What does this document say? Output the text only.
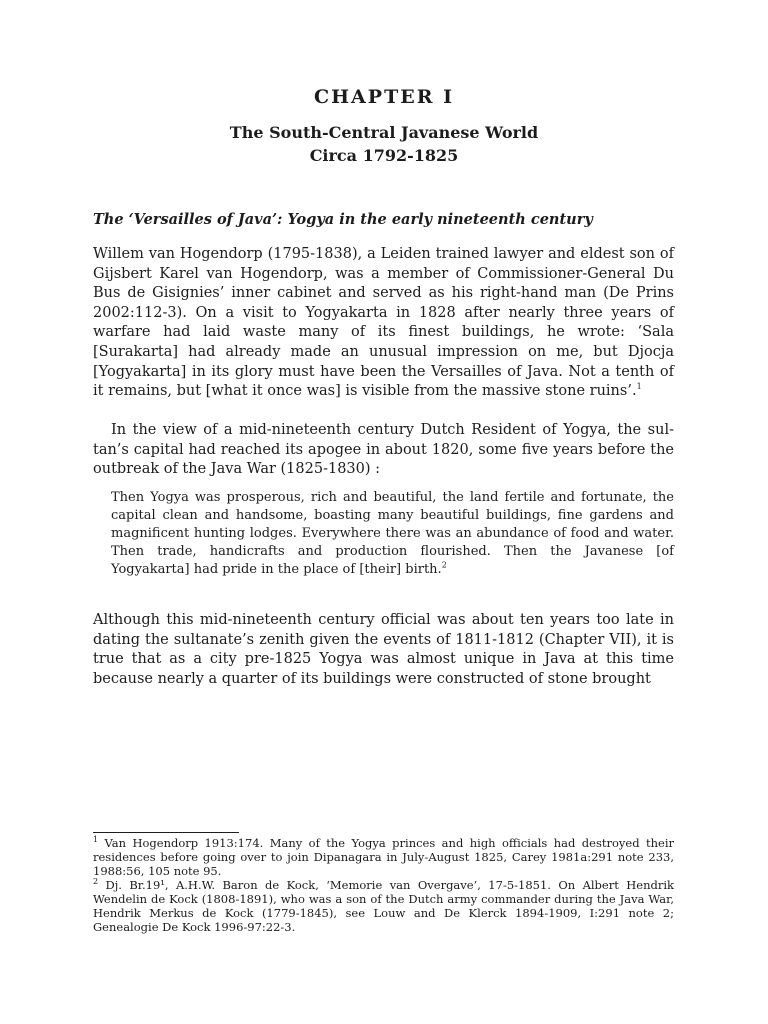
CHAPTER I
The South-Central Javanese World
Circa 1792-1825
The ‘Versailles of Java’: Yogya in the early nineteenth century
Willem van Hogendorp (1795-1838), a Leiden trained lawyer and eldest son of Gijsbert Karel van Hogendorp, was a member of Commissioner-General Du Bus de Gisignies’ inner cabinet and served as his right-hand man (De Prins 2002:112-3). On a visit to Yogyakarta in 1828 after nearly three years of warfare had laid waste many of its finest buildings, he wrote: ‘Sala [Surakarta] had already made an unusual impression on me, but Djocja [Yogyakarta] in its glory must have been the Versailles of Java. Not a tenth of it remains, but [what it once was] is visible from the massive stone ruins’.$^1$
In the view of a mid-nineteenth century Dutch Resident of Yogya, the sul- tan’s capital had reached its apogee in about 1820, some five years before the outbreak of the Java War (1825-1830) :
Then Yogya was prosperous, rich and beautiful, the land fertile and fortunate, the capital clean and handsome, boasting many beautiful buildings, fine gardens and magnificent hunting lodges. Everywhere there was an abundance of food and water. Then trade, handicrafts and production flourished. Then the Javanese [of Yogyakarta] had pride in the place of [their] birth.$^2$
Although this mid-nineteenth century official was about ten years too late in dating the sultanate’s zenith given the events of 1811-1812 (Chapter VII), it is true that as a city pre-1825 Yogya was almost unique in Java at this time because nearly a quarter of its buildings were constructed of stone brought

$^1$ Van Hogendorp 1913:174. Many of the Yogya princes and high officials had destroyed their residences before going over to join Dipanagara in July-August 1825, Carey 1981a:291 note 233, 1988:56, 105 note 95.

$^2$ Dj. Br.19¹, A.H.W. Baron de Kock, ‘Memorie van Overgave’, 17-5-1851. On Albert Hendrik Wendelin de Kock (1808-1891), who was a son of the Dutch army commander during the Java War, Hendrik Merkus de Kock (1779-1845), see Louw and De Klerck 1894-1909, I:291 note 2; Genealogie De Kock 1996-97:22-3.
